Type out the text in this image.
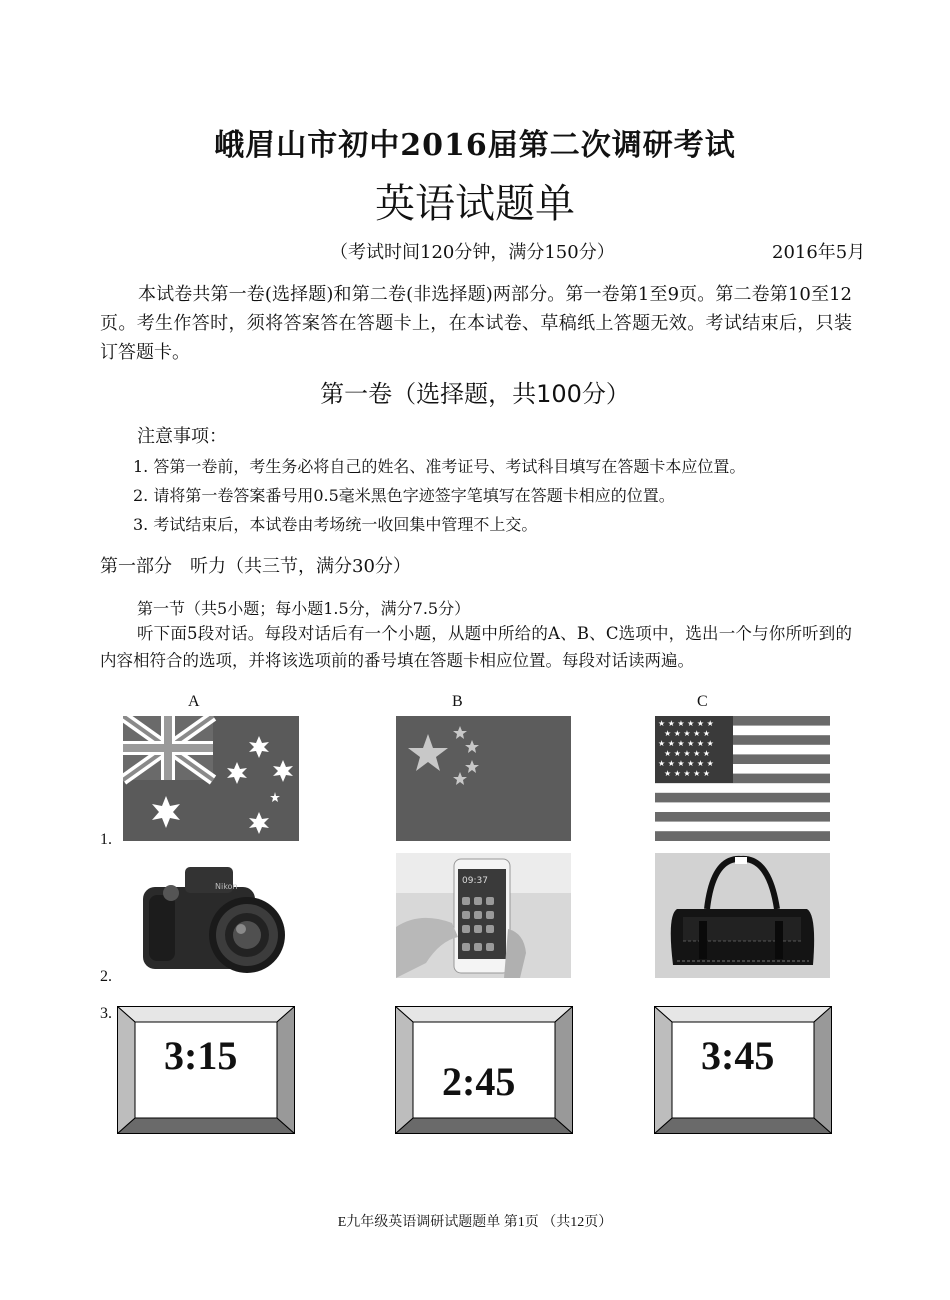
峨眉山市初中2016届第二次调研考试
英语试题单
（考试时间120分钟，满分150分）	2016年5月
本试卷共第一卷(选择题)和第二卷(非选择题)两部分。第一卷第1至9页。第二卷第10至12页。考生作答时，须将答案答在答题卡上，在本试卷、草稿纸上答题无效。考试结束后，只装订答题卡。
第一卷（选择题，共100分）
注意事项：
1. 答第一卷前，考生务必将自己的姓名、准考证号、考试科目填写在答题卡本应位置。
2. 请将第一卷答案番号用0.5毫米黑色字迹签字笔填写在答题卡相应的位置。
3. 考试结束后，本试卷由考场统一收回集中管理不上交。
第一部分　听力（共三节，满分30分）
第一节（共5小题；每小题1.5分，满分7.5分）
听下面5段对话。每段对话后有一个小题，从题中所给的A、B、C选项中，选出一个与你所听到的内容相符合的选项，并将该选项前的番号填在答题卡相应位置。每段对话读两遍。
A	B	C
1.
2.
3.
★ ★ ★ ★ ★ ★
★ ★ ★ ★ ★
★ ★ ★ ★ ★ ★
★ ★ ★ ★ ★
★ ★ ★ ★ ★ ★
★ ★ ★ ★ ★
Nikon
09:37
3:15
2:45
3:45
E九年级英语调研试题题单 第1页 （共12页）
